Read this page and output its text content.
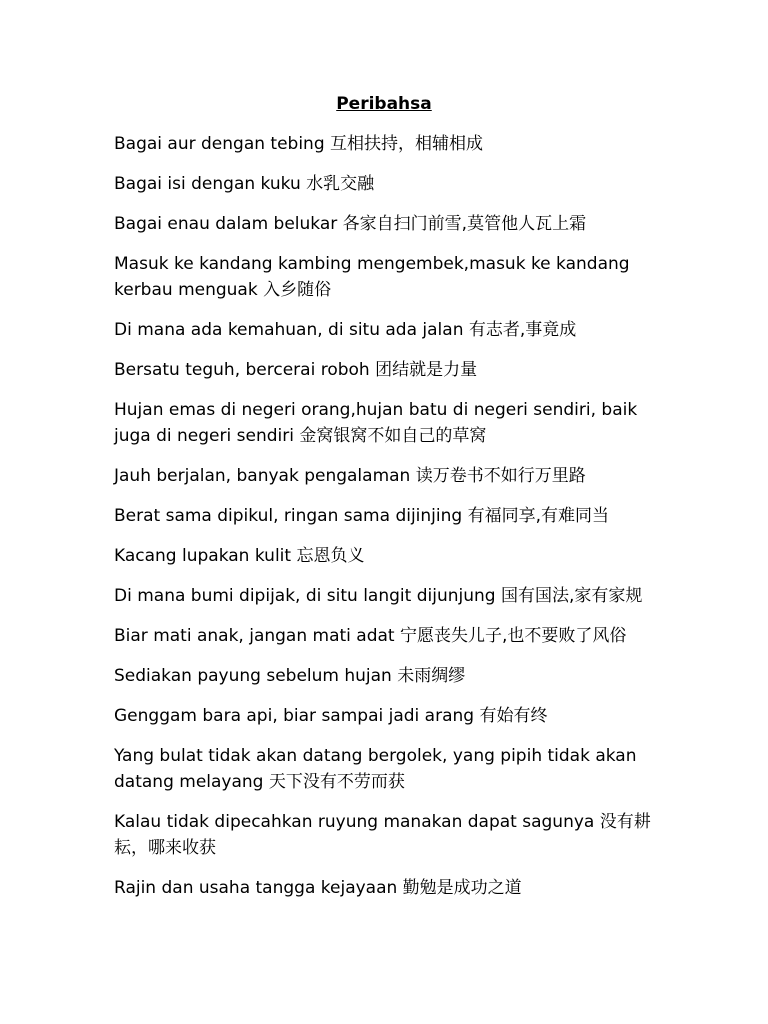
Peribahsa
Bagai aur dengan tebing 互相扶持，相辅相成
Bagai isi dengan kuku 水乳交融
Bagai enau dalam belukar 各家自扫门前雪,莫管他人瓦上霜
Masuk ke kandang kambing mengembek,masuk ke kandang kerbau menguak 入乡随俗
Di mana ada kemahuan, di situ ada jalan 有志者,事竟成
Bersatu teguh, bercerai roboh 团结就是力量
Hujan emas di negeri orang,hujan batu di negeri sendiri, baik juga di negeri sendiri 金窝银窝不如自己的草窝
Jauh berjalan, banyak pengalaman 读万卷书不如行万里路
Berat sama dipikul, ringan sama dijinjing 有福同享,有难同当
Kacang lupakan kulit 忘恩负义
Di mana bumi dipijak, di situ langit dijunjung 国有国法,家有家规
Biar mati anak, jangan mati adat 宁愿丧失儿子,也不要败了风俗
Sediakan payung sebelum hujan 未雨绸缪
Genggam bara api, biar sampai jadi arang 有始有终
Yang bulat tidak akan datang bergolek, yang pipih tidak akan datang melayang 天下没有不劳而获
Kalau tidak dipecahkan ruyung manakan dapat sagunya 没有耕耘，哪来收获
Rajin dan usaha tangga kejayaan 勤勉是成功之道
